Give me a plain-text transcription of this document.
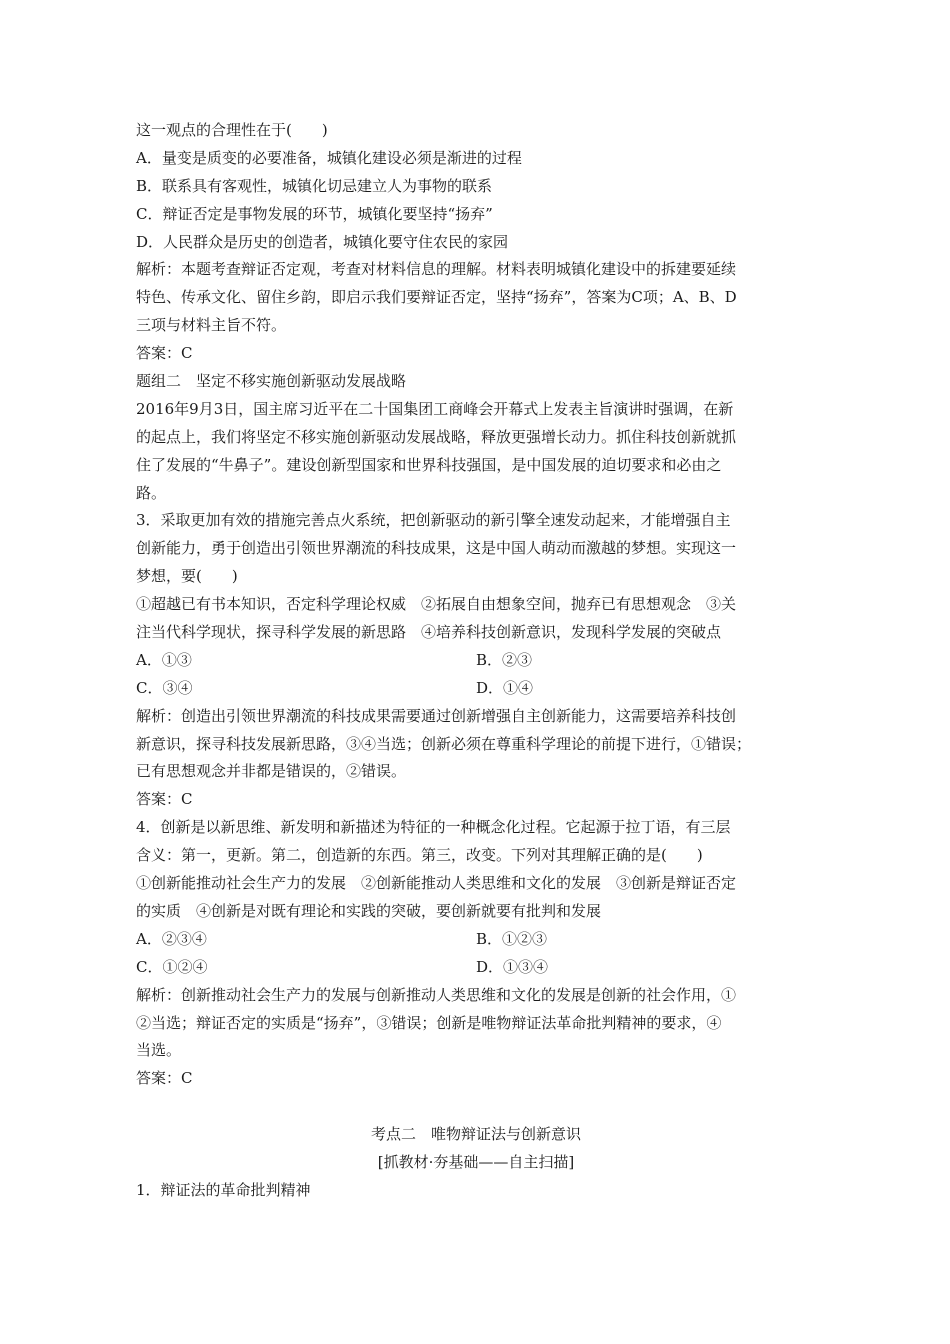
这一观点的合理性在于(　　)
A．量变是质变的必要准备，城镇化建设必须是渐进的过程
B．联系具有客观性，城镇化切忌建立人为事物的联系
C．辩证否定是事物发展的环节，城镇化要坚持“扬弃”
D．人民群众是历史的创造者，城镇化要守住农民的家园
解析：本题考查辩证否定观，考查对材料信息的理解。材料表明城镇化建设中的拆建要延续
特色、传承文化、留住乡韵，即启示我们要辩证否定，坚持“扬弃”，答案为C项；A、B、D
三项与材料主旨不符。
答案：C
题组二　坚定不移实施创新驱动发展战略
2016年9月3日，国主席习近平在二十国集团工商峰会开幕式上发表主旨演讲时强调，在新
的起点上，我们将坚定不移实施创新驱动发展战略，释放更强增长动力。抓住科技创新就抓
住了发展的“牛鼻子”。建设创新型国家和世界科技强国，是中国发展的迫切要求和必由之
路。
3．采取更加有效的措施完善点火系统，把创新驱动的新引擎全速发动起来，才能增强自主
创新能力，勇于创造出引领世界潮流的科技成果，这是中国人萌动而激越的梦想。实现这一
梦想，要(　　)
①超越已有书本知识，否定科学理论权威　②拓展自由想象空间，抛弃已有思想观念　③关
注当代科学现状，探寻科学发展的新思路　④培养科技创新意识，发现科学发展的突破点
A．①③	B．②③
C．③④	D．①④
解析：创造出引领世界潮流的科技成果需要通过创新增强自主创新能力，这需要培养科技创
新意识，探寻科技发展新思路，③④当选；创新必须在尊重科学理论的前提下进行，①错误；
已有思想观念并非都是错误的，②错误。
答案：C
4．创新是以新思维、新发明和新描述为特征的一种概念化过程。它起源于拉丁语，有三层
含义：第一，更新。第二，创造新的东西。第三，改变。下列对其理解正确的是(　　)
①创新能推动社会生产力的发展　②创新能推动人类思维和文化的发展　③创新是辩证否定
的实质　④创新是对既有理论和实践的突破，要创新就要有批判和发展
A．②③④	B．①②③
C．①②④	D．①③④
解析：创新推动社会生产力的发展与创新推动人类思维和文化的发展是创新的社会作用，①
②当选；辩证否定的实质是“扬弃”，③错误；创新是唯物辩证法革命批判精神的要求，④
当选。
答案：C
考点二　唯物辩证法与创新意识
[抓教材·夯基础——自主扫描]
1．辩证法的革命批判精神
